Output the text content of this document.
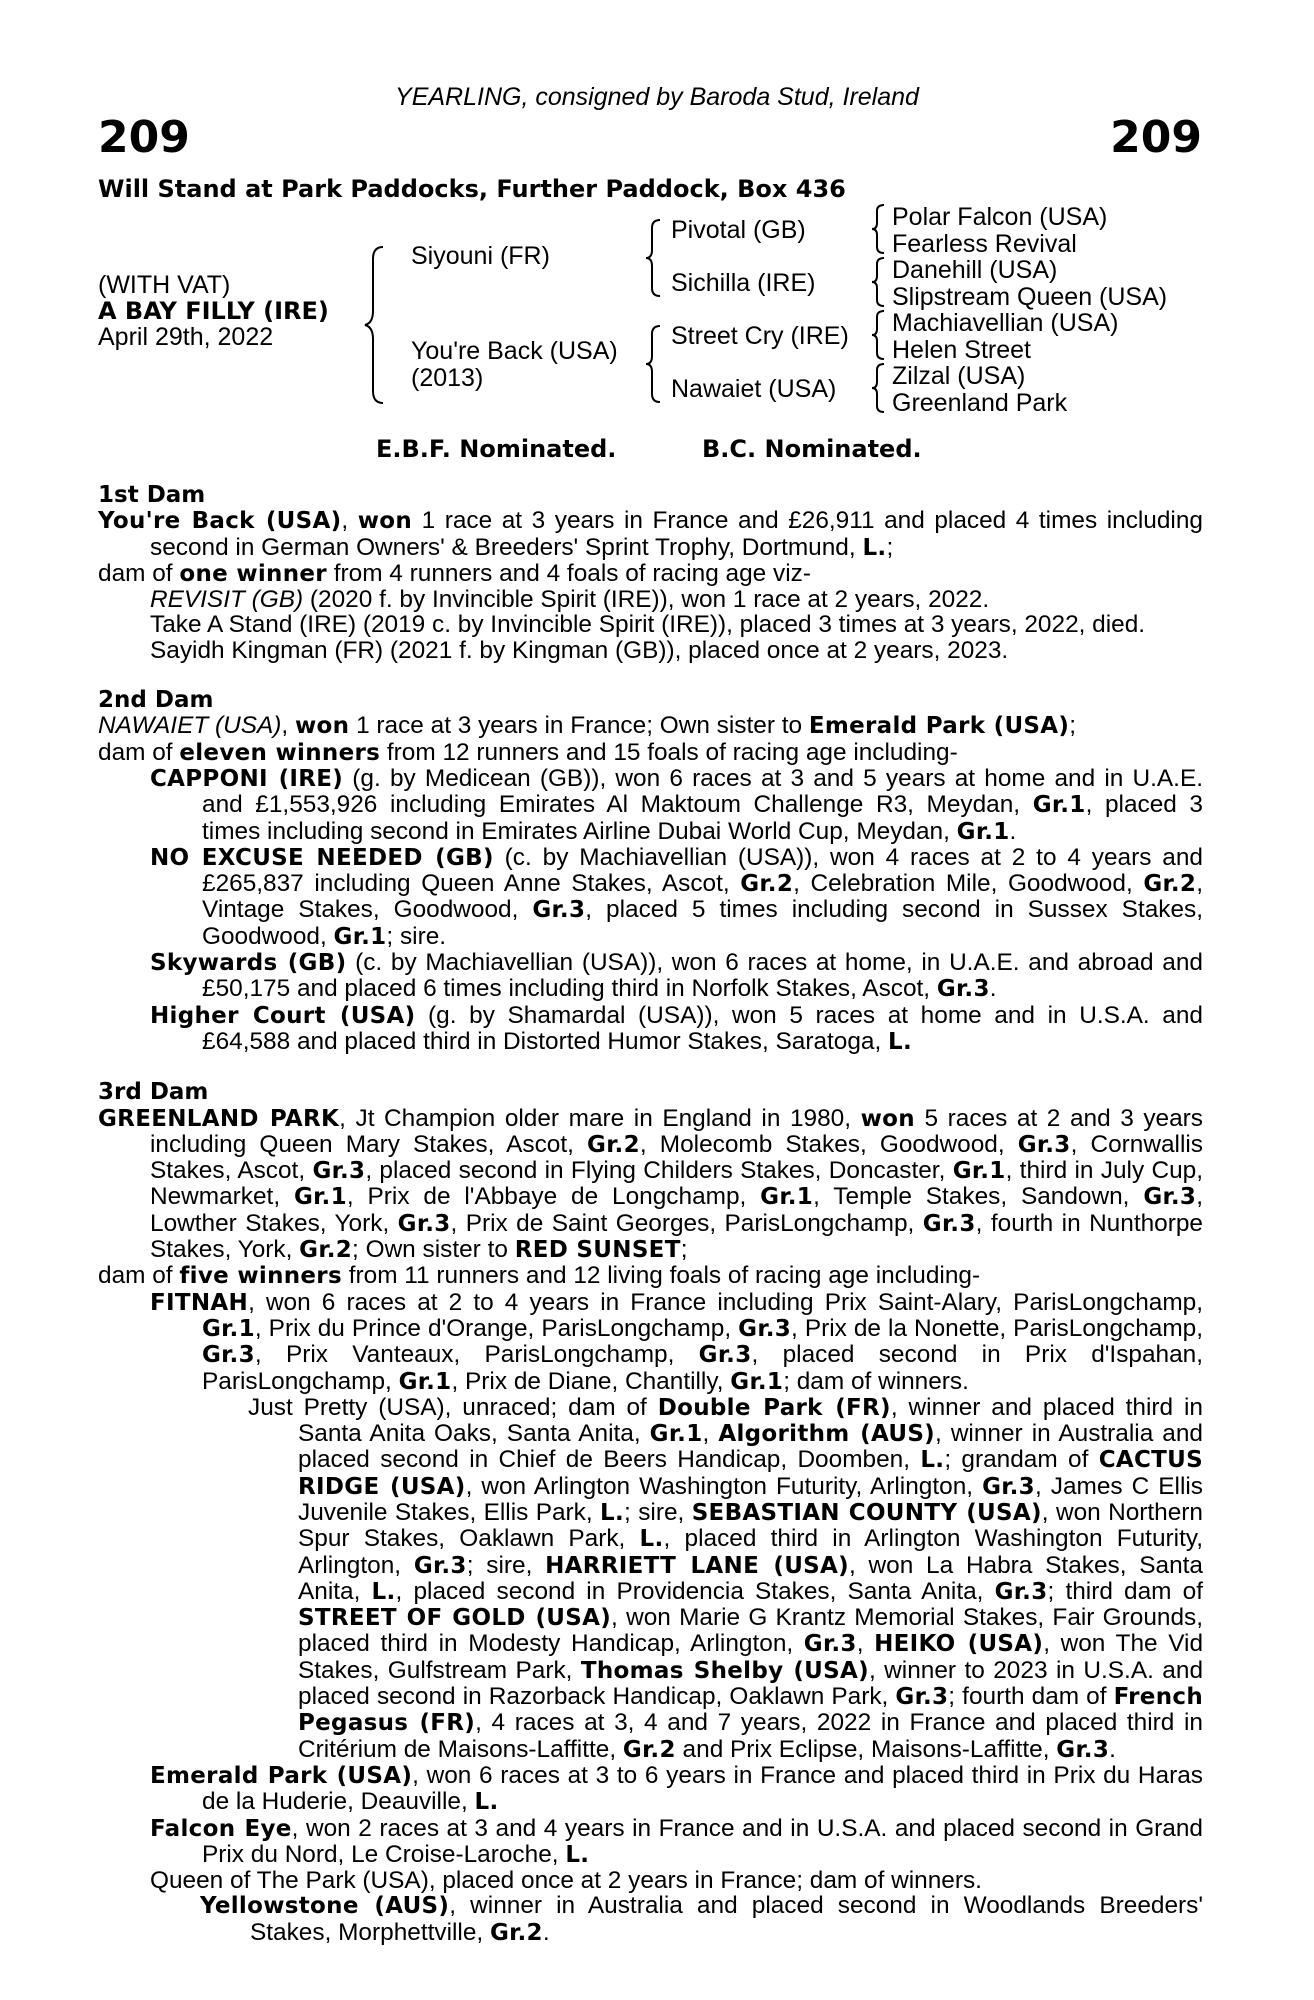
YEARLING, consigned by Baroda Stud, Ireland
209	209
Will Stand at Park Paddocks, Further Paddock, Box 436
(WITH VAT)
A BAY FILLY (IRE)
April 29th, 2022
Siyouni (FR)
You're Back (USA)
(2013)
Pivotal (GB)
Sichilla (IRE)
Street Cry (IRE)
Nawaiet (USA)
Polar Falcon (USA)
Fearless Revival
Danehill (USA)
Slipstream Queen (USA)
Machiavellian (USA)
Helen Street
Zilzal (USA)
Greenland Park
E.B.F. Nominated.	B.C. Nominated.
1st Dam

You're Back (USA), won 1 race at 3 years in France and £26,911 and placed 4 times including second in German Owners' & Breeders' Sprint Trophy, Dortmund, L.;

dam of one winner from 4 runners and 4 foals of racing age viz-

REVISIT (GB) (2020 f. by Invincible Spirit (IRE)), won 1 race at 2 years, 2022.

Take A Stand (IRE) (2019 c. by Invincible Spirit (IRE)), placed 3 times at 3 years, 2022, died.

Sayidh Kingman (FR) (2021 f. by Kingman (GB)), placed once at 2 years, 2023.

2nd Dam

NAWAIET (USA), won 1 race at 3 years in France; Own sister to Emerald Park (USA);

dam of eleven winners from 12 runners and 15 foals of racing age including-

CAPPONI (IRE) (g. by Medicean (GB)), won 6 races at 3 and 5 years at home and in U.A.E. and £1,553,926 including Emirates Al Maktoum Challenge R3, Meydan, Gr.1, placed 3 times including second in Emirates Airline Dubai World Cup, Meydan, Gr.1.

NO EXCUSE NEEDED (GB) (c. by Machiavellian (USA)), won 4 races at 2 to 4 years and £265,837 including Queen Anne Stakes, Ascot, Gr.2, Celebration Mile, Goodwood, Gr.2, Vintage Stakes, Goodwood, Gr.3, placed 5 times including second in Sussex Stakes, Goodwood, Gr.1; sire.

Skywards (GB) (c. by Machiavellian (USA)), won 6 races at home, in U.A.E. and abroad and £50,175 and placed 6 times including third in Norfolk Stakes, Ascot, Gr.3.

Higher Court (USA) (g. by Shamardal (USA)), won 5 races at home and in U.S.A. and £64,588 and placed third in Distorted Humor Stakes, Saratoga, L.

3rd Dam

GREENLAND PARK, Jt Champion older mare in England in 1980, won 5 races at 2 and 3 years including Queen Mary Stakes, Ascot, Gr.2, Molecomb Stakes, Goodwood, Gr.3, Cornwallis Stakes, Ascot, Gr.3, placed second in Flying Childers Stakes, Doncaster, Gr.1, third in July Cup, Newmarket, Gr.1, Prix de l'Abbaye de Longchamp, Gr.1, Temple Stakes, Sandown, Gr.3, Lowther Stakes, York, Gr.3, Prix de Saint Georges, ParisLongchamp, Gr.3, fourth in Nunthorpe Stakes, York, Gr.2; Own sister to RED SUNSET;

dam of five winners from 11 runners and 12 living foals of racing age including-

FITNAH, won 6 races at 2 to 4 years in France including Prix Saint-Alary, ParisLongchamp, Gr.1, Prix du Prince d'Orange, ParisLongchamp, Gr.3, Prix de la Nonette, ParisLongchamp, Gr.3, Prix Vanteaux, ParisLongchamp, Gr.3, placed second in Prix d'Ispahan, ParisLongchamp, Gr.1, Prix de Diane, Chantilly, Gr.1; dam of winners.

Just Pretty (USA), unraced; dam of Double Park (FR), winner and placed third in Santa Anita Oaks, Santa Anita, Gr.1, Algorithm (AUS), winner in Australia and placed second in Chief de Beers Handicap, Doomben, L.; grandam of CACTUS RIDGE (USA), won Arlington Washington Futurity, Arlington, Gr.3, James C Ellis Juvenile Stakes, Ellis Park, L.; sire, SEBASTIAN COUNTY (USA), won Northern Spur Stakes, Oaklawn Park, L., placed third in Arlington Washington Futurity, Arlington, Gr.3; sire, HARRIETT LANE (USA), won La Habra Stakes, Santa Anita, L., placed second in Providencia Stakes, Santa Anita, Gr.3; third dam of STREET OF GOLD (USA), won Marie G Krantz Memorial Stakes, Fair Grounds, placed third in Modesty Handicap, Arlington, Gr.3, HEIKO (USA), won The Vid Stakes, Gulfstream Park, Thomas Shelby (USA), winner to 2023 in U.S.A. and placed second in Razorback Handicap, Oaklawn Park, Gr.3; fourth dam of French Pegasus (FR), 4 races at 3, 4 and 7 years, 2022 in France and placed third in Critérium de Maisons-Laffitte, Gr.2 and Prix Eclipse, Maisons-Laffitte, Gr.3.

Emerald Park (USA), won 6 races at 3 to 6 years in France and placed third in Prix du Haras de la Huderie, Deauville, L.

Falcon Eye, won 2 races at 3 and 4 years in France and in U.S.A. and placed second in Grand Prix du Nord, Le Croise-Laroche, L.

Queen of The Park (USA), placed once at 2 years in France; dam of winners.

Yellowstone (AUS), winner in Australia and placed second in Woodlands Breeders' Stakes, Morphettville, Gr.2.
